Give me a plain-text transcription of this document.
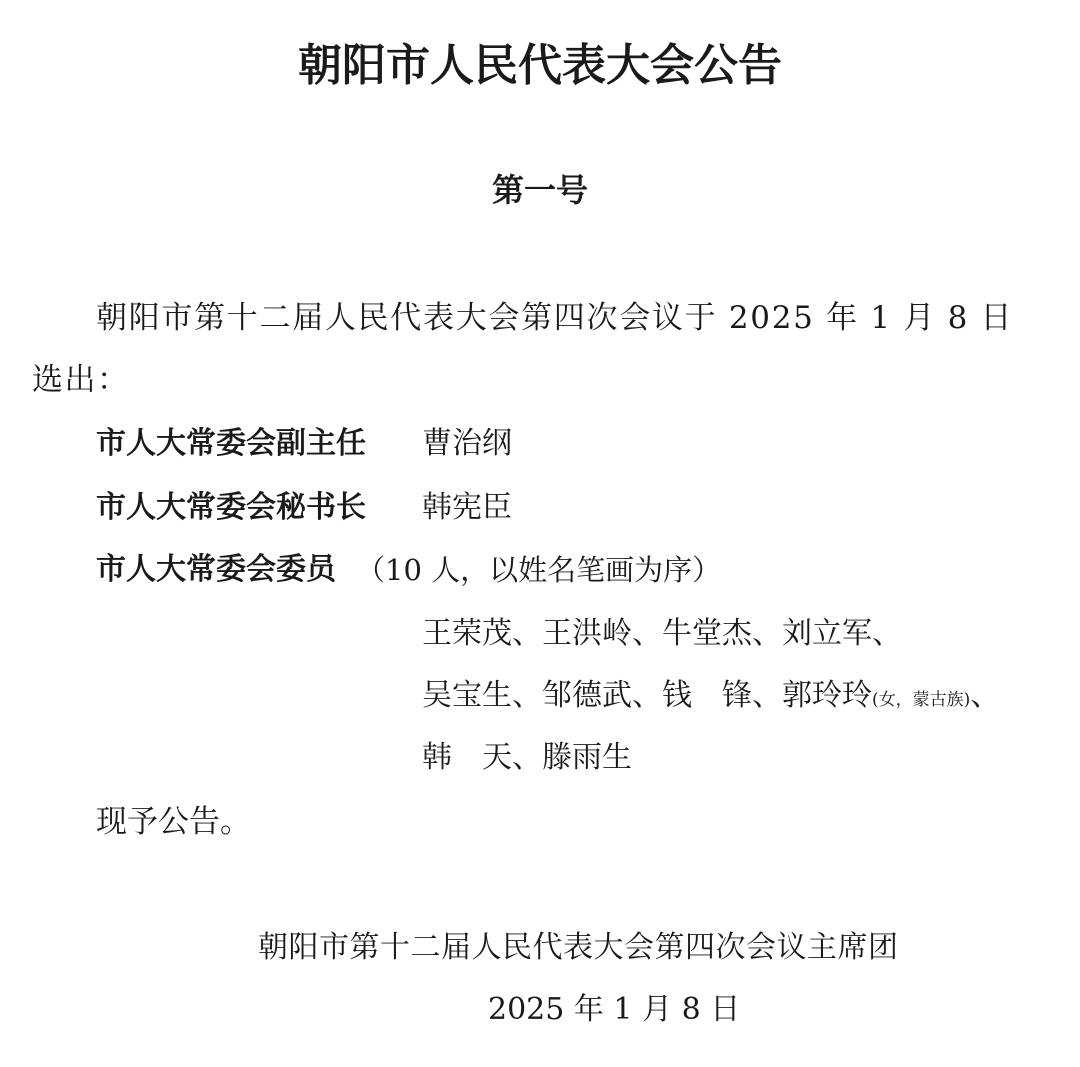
朝阳市人民代表大会公告
第一号
朝阳市第十二届人民代表大会第四次会议于 2025 年 1 月 8 日
选出：
市人大常委会副主任 曹治纲
市人大常委会秘书长 韩宪臣
市人大常委会委员 （10 人，以姓名笔画为序）
王荣茂、王洪岭、牛堂杰、刘立军、
吴宝生、邹德武、钱　锋、郭玲玲(女，蒙古族)、
韩　天、滕雨生
现予公告。
朝阳市第十二届人民代表大会第四次会议主席团
2025 年 1 月 8 日
